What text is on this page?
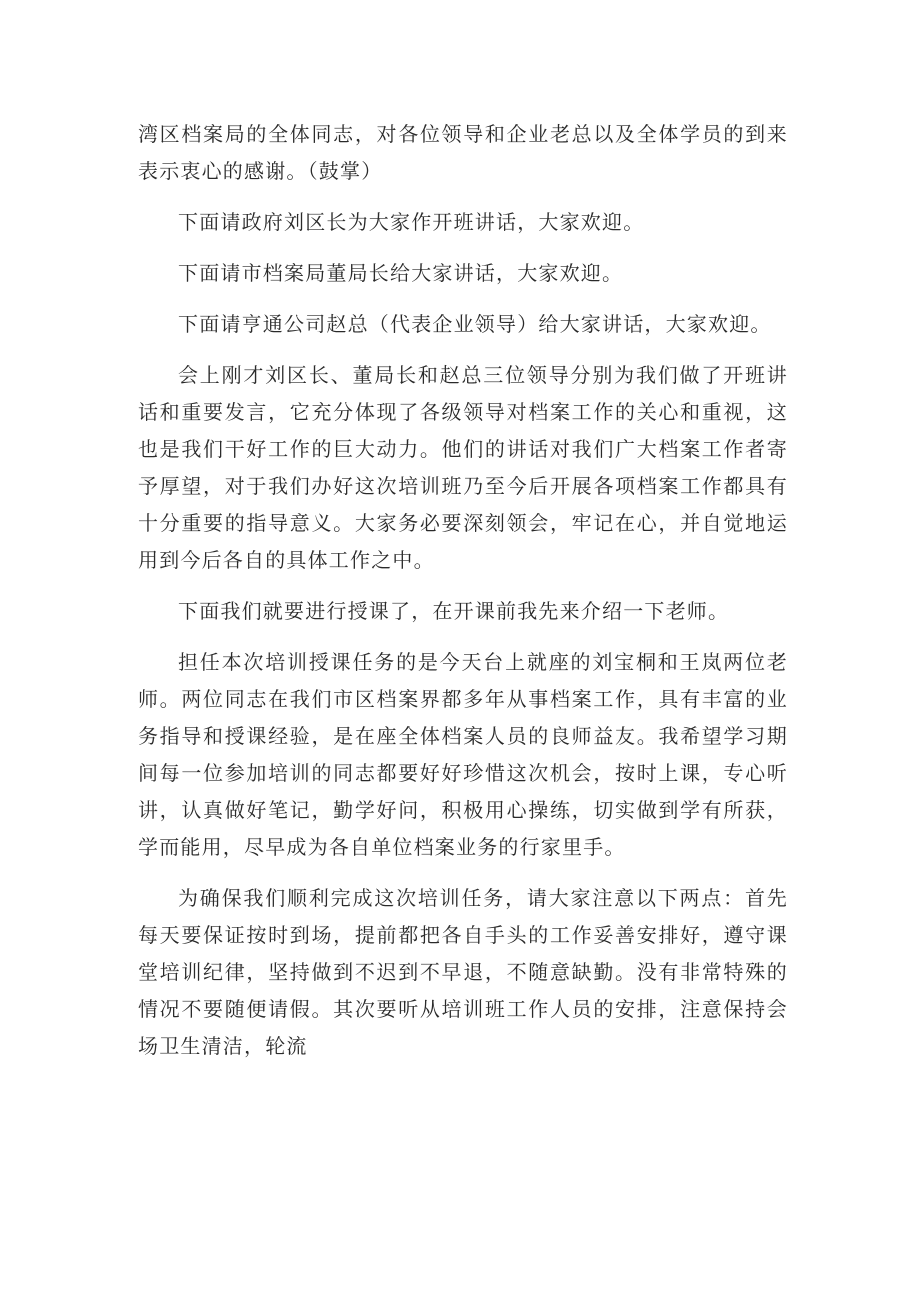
湾区档案局的全体同志，对各位领导和企业老总以及全体学员的到来表示衷心的感谢。（鼓掌）

下面请政府刘区长为大家作开班讲话，大家欢迎。

下面请市档案局董局长给大家讲话，大家欢迎。

下面请亨通公司赵总（代表企业领导）给大家讲话，大家欢迎。

会上刚才刘区长、董局长和赵总三位领导分别为我们做了开班讲话和重要发言，它充分体现了各级领导对档案工作的关心和重视，这也是我们干好工作的巨大动力。他们的讲话对我们广大档案工作者寄予厚望，对于我们办好这次培训班乃至今后开展各项档案工作都具有十分重要的指导意义。大家务必要深刻领会，牢记在心，并自觉地运用到今后各自的具体工作之中。

下面我们就要进行授课了，在开课前我先来介绍一下老师。

担任本次培训授课任务的是今天台上就座的刘宝桐和王岚两位老师。两位同志在我们市区档案界都多年从事档案工作，具有丰富的业务指导和授课经验，是在座全体档案人员的良师益友。我希望学习期间每一位参加培训的同志都要好好珍惜这次机会，按时上课，专心听讲，认真做好笔记，勤学好问，积极用心操练，切实做到学有所获，学而能用，尽早成为各自单位档案业务的行家里手。

为确保我们顺利完成这次培训任务，请大家注意以下两点：首先每天要保证按时到场，提前都把各自手头的工作妥善安排好，遵守课堂培训纪律，坚持做到不迟到不早退，不随意缺勤。没有非常特殊的情况不要随便请假。其次要听从培训班工作人员的安排，注意保持会场卫生清洁，轮流
